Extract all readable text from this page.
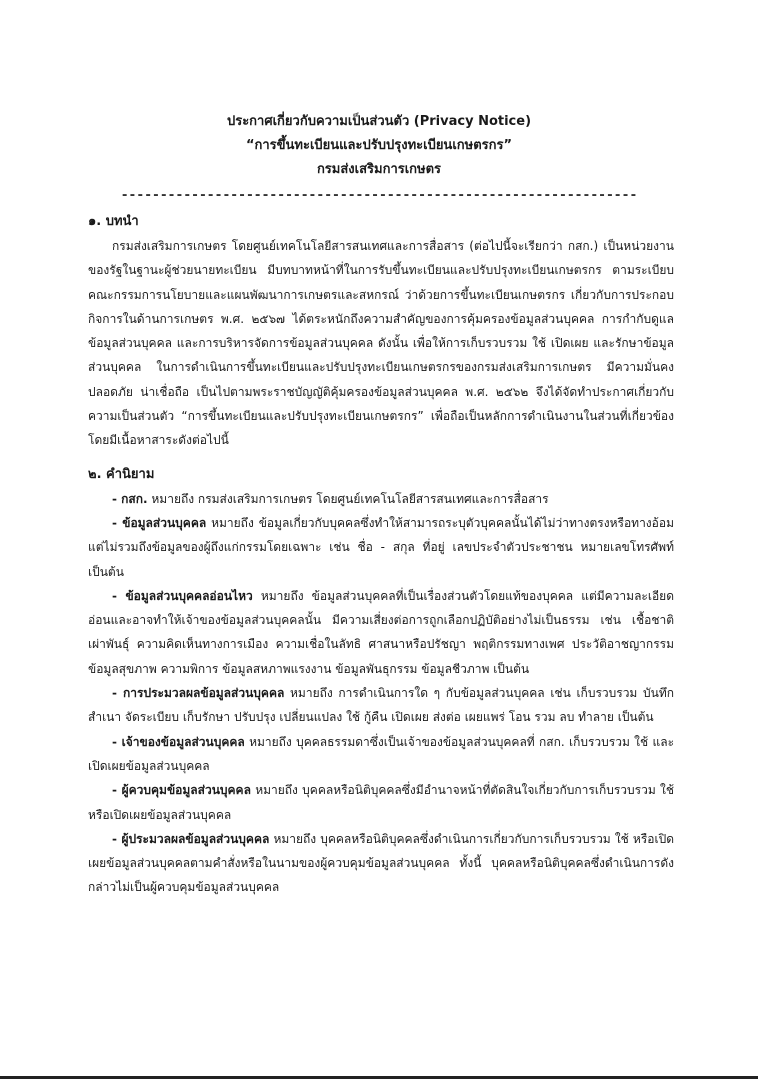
ประกาศเกี่ยวกับความเป็นส่วนตัว (Privacy Notice)
“การขึ้นทะเบียนและปรับปรุงทะเบียนเกษตรกร”
กรมส่งเสริมการเกษตร
------------------------------------------------------------------
๑. บทนำ
กรมส่งเสริมการเกษตร โดยศูนย์เทคโนโลยีสารสนเทศและการสื่อสาร (ต่อไปนี้จะเรียกว่า กสก.) เป็นหน่วยงานของรัฐในฐานะผู้ช่วยนายทะเบียน มีบทบาทหน้าที่ในการรับขึ้นทะเบียนและปรับปรุงทะเบียนเกษตรกร ตามระเบียบคณะกรรมการนโยบายและแผนพัฒนาการเกษตรและสหกรณ์ ว่าด้วยการขึ้นทะเบียนเกษตรกร เกี่ยวกับการประกอบกิจการในด้านการเกษตร พ.ศ. ๒๕๖๗ ได้ตระหนักถึงความสำคัญของการคุ้มครองข้อมูลส่วนบุคคล การกำกับดูแลข้อมูลส่วนบุคคล และการบริหารจัดการข้อมูลส่วนบุคคล ดังนั้น เพื่อให้การเก็บรวบรวม ใช้ เปิดเผย และรักษาข้อมูลส่วนบุคคล ในการดำเนินการขึ้นทะเบียนและปรับปรุงทะเบียนเกษตรกรของกรมส่งเสริมการเกษตร มีความมั่นคง ปลอดภัย น่าเชื่อถือ เป็นไปตามพระราชบัญญัติคุ้มครองข้อมูลส่วนบุคคล พ.ศ. ๒๕๖๒ จึงได้จัดทำประกาศเกี่ยวกับความเป็นส่วนตัว “การขึ้นทะเบียนและปรับปรุงทะเบียนเกษตรกร” เพื่อถือเป็นหลักการดำเนินงานในส่วนที่เกี่ยวข้อง โดยมีเนื้อหาสาระดังต่อไปนี้
๒. คำนิยาม
- กสก. หมายถึง กรมส่งเสริมการเกษตร โดยศูนย์เทคโนโลยีสารสนเทศและการสื่อสาร
- ข้อมูลส่วนบุคคล หมายถึง ข้อมูลเกี่ยวกับบุคคลซึ่งทำให้สามารถระบุตัวบุคคลนั้นได้ไม่ว่าทางตรงหรือทางอ้อม แต่ไม่รวมถึงข้อมูลของผู้ถึงแก่กรรมโดยเฉพาะ เช่น ชื่อ - สกุล ที่อยู่ เลขประจำตัวประชาชน หมายเลขโทรศัพท์ เป็นต้น
- ข้อมูลส่วนบุคคลอ่อนไหว หมายถึง ข้อมูลส่วนบุคคลที่เป็นเรื่องส่วนตัวโดยแท้ของบุคคล แต่มีความละเอียดอ่อนและอาจทำให้เจ้าของข้อมูลส่วนบุคคลนั้น มีความเสี่ยงต่อการถูกเลือกปฏิบัติอย่างไม่เป็นธรรม เช่น เชื้อชาติ เผ่าพันธุ์ ความคิดเห็นทางการเมือง ความเชื่อในลัทธิ ศาสนาหรือปรัชญา พฤติกรรมทางเพศ ประวัติอาชญากรรม ข้อมูลสุขภาพ ความพิการ ข้อมูลสหภาพแรงงาน ข้อมูลพันธุกรรม ข้อมูลชีวภาพ เป็นต้น
- การประมวลผลข้อมูลส่วนบุคคล หมายถึง การดำเนินการใด ๆ กับข้อมูลส่วนบุคคล เช่น เก็บรวบรวม บันทึก สำเนา จัดระเบียบ เก็บรักษา ปรับปรุง เปลี่ยนแปลง ใช้ กู้คืน เปิดเผย ส่งต่อ เผยแพร่ โอน รวม ลบ ทำลาย เป็นต้น
- เจ้าของข้อมูลส่วนบุคคล หมายถึง บุคคลธรรมดาซึ่งเป็นเจ้าของข้อมูลส่วนบุคคลที่ กสก. เก็บรวบรวม ใช้ และเปิดเผยข้อมูลส่วนบุคคล
- ผู้ควบคุมข้อมูลส่วนบุคคล หมายถึง บุคคลหรือนิติบุคคลซึ่งมีอำนาจหน้าที่ตัดสินใจเกี่ยวกับการเก็บรวบรวม ใช้ หรือเปิดเผยข้อมูลส่วนบุคคล
- ผู้ประมวลผลข้อมูลส่วนบุคคล หมายถึง บุคคลหรือนิติบุคคลซึ่งดำเนินการเกี่ยวกับการเก็บรวบรวม ใช้ หรือเปิดเผยข้อมูลส่วนบุคคลตามคำสั่งหรือในนามของผู้ควบคุมข้อมูลส่วนบุคคล ทั้งนี้ บุคคลหรือนิติบุคคลซึ่งดำเนินการดังกล่าวไม่เป็นผู้ควบคุมข้อมูลส่วนบุคคล
